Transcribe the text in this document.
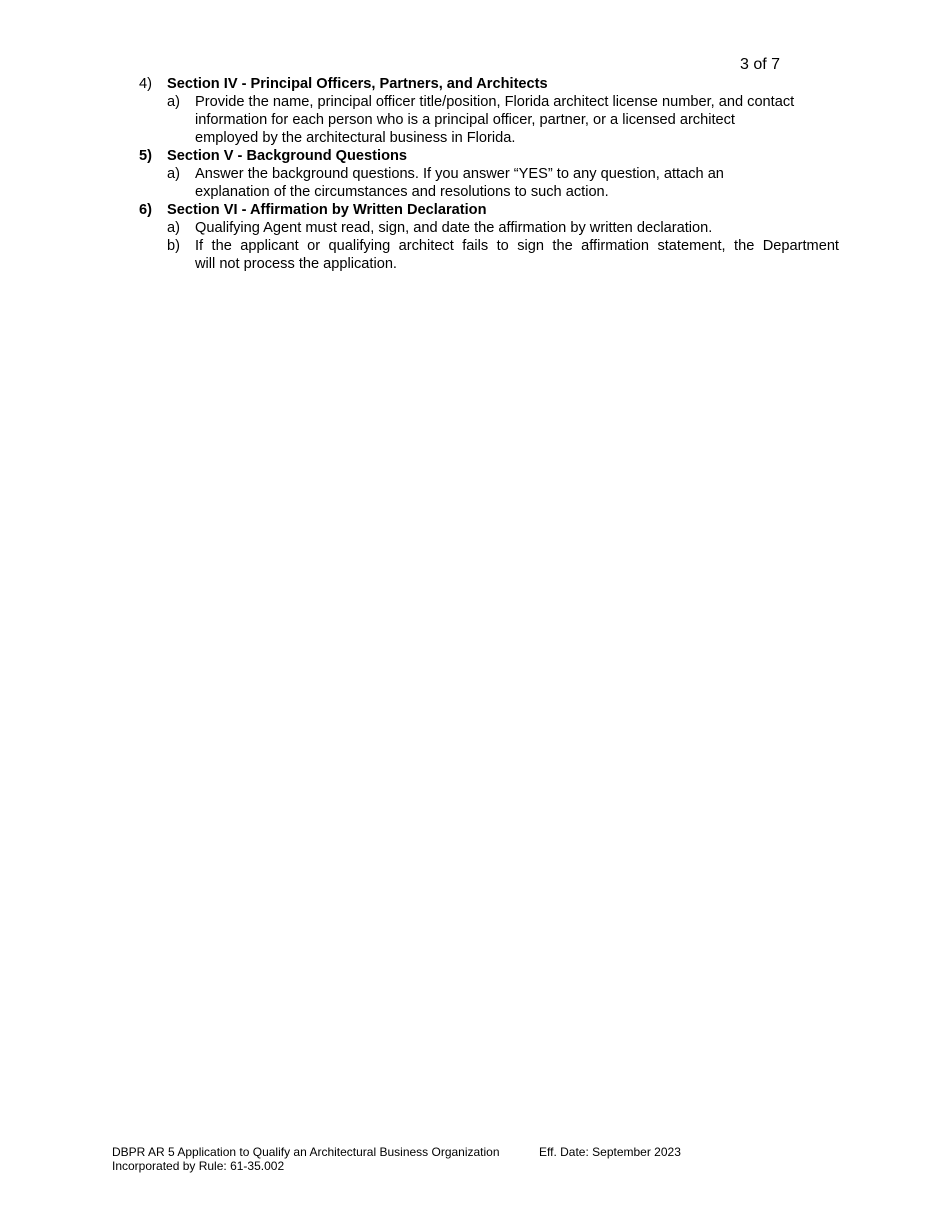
3 of 7
4)	Section IV - Principal Officers, Partners, and Architects
a)	Provide the name, principal officer title/position, Florida architect license number, and contact
information for each person who is a principal officer, partner, or a licensed architect
employed by the architectural business in Florida.
5)	Section V - Background Questions
a)	Answer the background questions. If you answer “YES” to any question, attach an
explanation of the circumstances and resolutions to such action.
6)	Section VI - Affirmation by Written Declaration
a)	Qualifying Agent must read, sign, and date the affirmation by written declaration.
b)	If the applicant or qualifying architect fails to sign the affirmation statement, the Department
will not process the application.
DBPR AR 5 Application to Qualify an Architectural Business Organization	Eff. Date: September 2023
Incorporated by Rule: 61-35.002
